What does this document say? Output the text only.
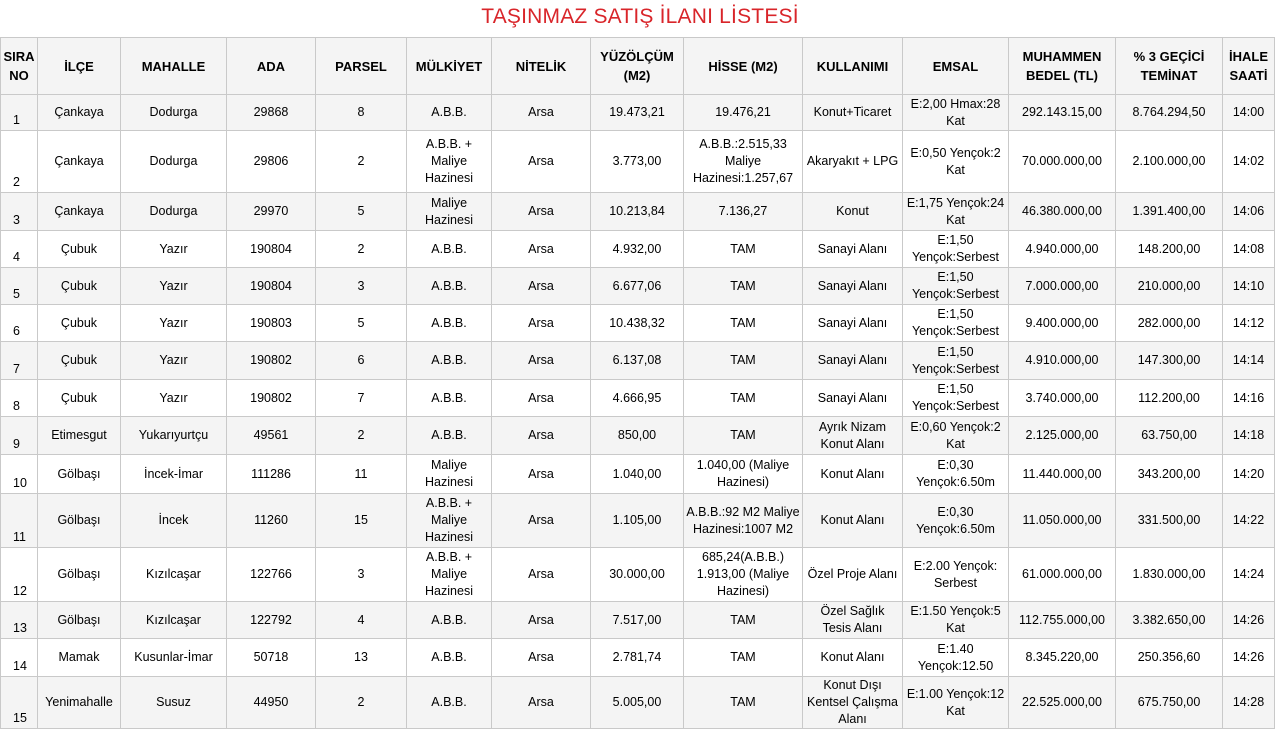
TAŞINMAZ SATIŞ İLANI LİSTESİ
SIRA NO	İLÇE	MAHALLE	ADA	PARSEL	MÜLKİYET	NİTELİK	YÜZÖLÇÜM (M2)	HİSSE (M2)	KULLANIMI	EMSAL	MUHAMMEN BEDEL (TL)	% 3 GEÇİCİ TEMİNAT	İHALE SAATİ
1	Çankaya	Dodurga	29868	8	A.B.B.	Arsa	19.473,21	19.476,21	Konut+Ticaret	E:2,00 Hmax:28 Kat	292.143.15,00	8.764.294,50	14:00
2	Çankaya	Dodurga	29806	2	A.B.B. + Maliye Hazinesi	Arsa	3.773,00	A.B.B.:2.515,33 Maliye Hazinesi:1.257,67	Akaryakıt + LPG	E:0,50 Yençok:2 Kat	70.000.000,00	2.100.000,00	14:02
3	Çankaya	Dodurga	29970	5	Maliye Hazinesi	Arsa	10.213,84	7.136,27	Konut	E:1,75 Yençok:24 Kat	46.380.000,00	1.391.400,00	14:06
4	Çubuk	Yazır	190804	2	A.B.B.	Arsa	4.932,00	TAM	Sanayi Alanı	E:1,50 Yençok:Serbest	4.940.000,00	148.200,00	14:08
5	Çubuk	Yazır	190804	3	A.B.B.	Arsa	6.677,06	TAM	Sanayi Alanı	E:1,50 Yençok:Serbest	7.000.000,00	210.000,00	14:10
6	Çubuk	Yazır	190803	5	A.B.B.	Arsa	10.438,32	TAM	Sanayi Alanı	E:1,50 Yençok:Serbest	9.400.000,00	282.000,00	14:12
7	Çubuk	Yazır	190802	6	A.B.B.	Arsa	6.137,08	TAM	Sanayi Alanı	E:1,50 Yençok:Serbest	4.910.000,00	147.300,00	14:14
8	Çubuk	Yazır	190802	7	A.B.B.	Arsa	4.666,95	TAM	Sanayi Alanı	E:1,50 Yençok:Serbest	3.740.000,00	112.200,00	14:16
9	Etimesgut	Yukarıyurtçu	49561	2	A.B.B.	Arsa	850,00	TAM	Ayrık Nizam Konut Alanı	E:0,60 Yençok:2 Kat	2.125.000,00	63.750,00	14:18
10	Gölbaşı	İncek-İmar	111286	11	Maliye Hazinesi	Arsa	1.040,00	1.040,00 (Maliye Hazinesi)	Konut Alanı	E:0,30 Yençok:6.50m	11.440.000,00	343.200,00	14:20
11	Gölbaşı	İncek	11260	15	A.B.B. + Maliye Hazinesi	Arsa	1.105,00	A.B.B.:92 M2 Maliye Hazinesi:1007 M2	Konut Alanı	E:0,30 Yençok:6.50m	11.050.000,00	331.500,00	14:22
12	Gölbaşı	Kızılcaşar	122766	3	A.B.B. + Maliye Hazinesi	Arsa	30.000,00	685,24(A.B.B.) 1.913,00 (Maliye Hazinesi)	Özel Proje Alanı	E:2.00 Yençok: Serbest	61.000.000,00	1.830.000,00	14:24
13	Gölbaşı	Kızılcaşar	122792	4	A.B.B.	Arsa	7.517,00	TAM	Özel Sağlık Tesis Alanı	E:1.50 Yençok:5 Kat	112.755.000,00	3.382.650,00	14:26
14	Mamak	Kusunlar-İmar	50718	13	A.B.B.	Arsa	2.781,74	TAM	Konut Alanı	E:1.40 Yençok:12.50	8.345.220,00	250.356,60	14:26
15	Yenimahalle	Susuz	44950	2	A.B.B.	Arsa	5.005,00	TAM	Konut Dışı Kentsel Çalışma Alanı	E:1.00 Yençok:12 Kat	22.525.000,00	675.750,00	14:28
